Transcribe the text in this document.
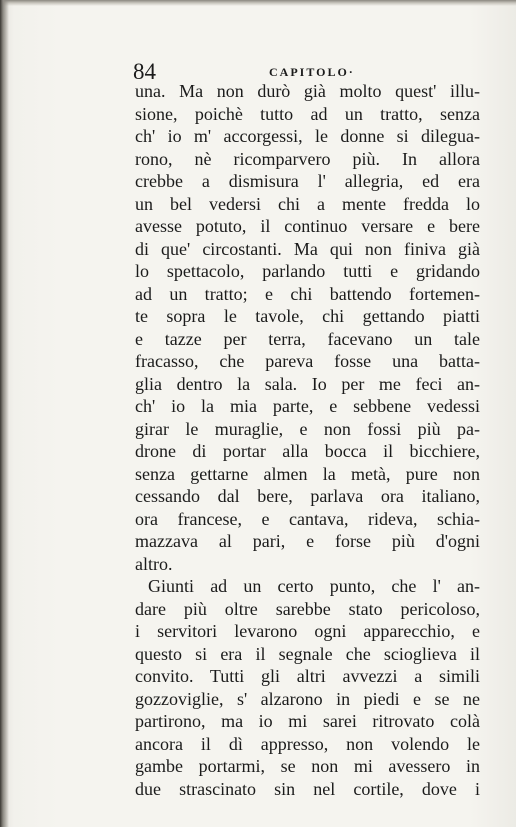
84	CAPITOLO·
una. Ma non durò già molto quest' illu-
sione, poichè tutto ad un tratto, senza
ch' io m' accorgessi, le donne si dilegua-
rono, nè ricomparvero più. In allora
crebbe a dismisura l' allegria, ed era
un bel vedersi chi a mente fredda lo
avesse potuto, il continuo versare e bere
di que' circostanti. Ma qui non finiva già
lo spettacolo, parlando tutti e gridando
ad un tratto; e chi battendo fortemen-
te sopra le tavole, chi gettando piatti
e tazze per terra, facevano un tale
fracasso, che pareva fosse una batta-
glia dentro la sala. Io per me feci an-
ch' io la mia parte, e sebbene vedessi
girar le muraglie, e non fossi più pa-
drone di portar alla bocca il bicchiere,
senza gettarne almen la metà, pure non
cessando dal bere, parlava ora italiano,
ora francese, e cantava, rideva, schia-
mazzava al pari, e forse più d'ogni
altro.
Giunti ad un certo punto, che l' an-
dare più oltre sarebbe stato pericoloso,
i servitori levarono ogni apparecchio, e
questo si era il segnale che scioglieva il
convito. Tutti gli altri avvezzi a simili
gozzoviglie, s' alzarono in piedi e se ne
partirono, ma io mi sarei ritrovato colà
ancora il dì appresso, non volendo le
gambe portarmi, se non mi avessero in
due strascinato sin nel cortile, dove i
